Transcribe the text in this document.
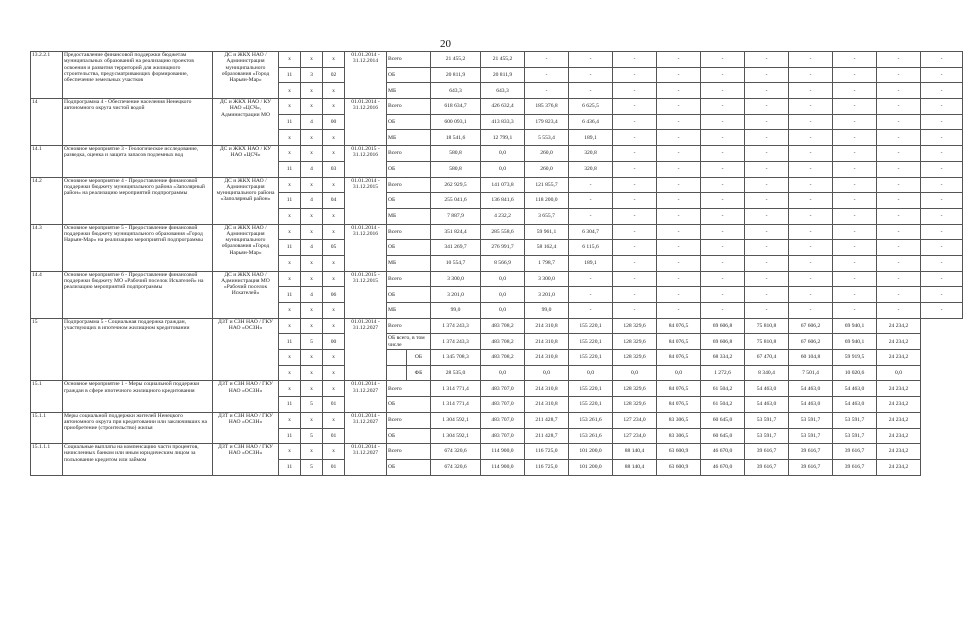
20
13.2.2.1	Предоставление финансовой поддержки бюджетам муниципальных образований на реализацию проектов освоения и развития территорий для жилищного строительства, предусматривающих формирование, обеспечение земельных участков	ДС и ЖКХ НАО / Администрация муниципального образования «Город Нарьян-Мар»	x	x	x	01.01.2014 - 31.12.2014	Всего		21 455,2	21 455,2	-	-	-	-	-	-	-	-	-	-
			11	3	02		ОБ		20 811,9	20 811,9	-	-	-	-	-	-	-	-	-	-
			x	x	x		МБ		643,3	643,3	-	-	-	-	-	-	-	-	-	-
14	Подпрограмма 4 - Обеспечение населения Ненецкого автономного округа чистой водой	ДС и ЖКХ НАО / КУ НАО «ЦСЧ», Администрации МО	x	x	x	01.01.2014 - 31.12.2016	Всего		618 634,7	426 632,4	185 376,8	6 625,5	-	-	-	-	-	-	-	-
			11	4	00		ОБ		600 093,1	413 833,3	179 823,4	6 436,4	-	-	-	-	-	-	-	-
			x	x	x		МБ		18 541,6	12 799,1	5 553,4	189,1	-	-	-	-	-	-	-	-
14.1	Основное мероприятие 3 - Геологическое исследование, разведка, оценка и защита запасов подземных вод	ДС и ЖКХ НАО / КУ НАО «ЦСЧ»	x	x	x	01.01.2015 - 31.12.2016	Всего		580,8	0,0	260,0	320,8	-	-	-	-	-	-	-	-
			11	4	03		ОБ		580,8	0,0	260,0	320,8	-	-	-	-	-	-	-	-
14.2	Основное мероприятие 4 - Предоставление финансовой поддержки бюджету муниципального района «Заполярный район» на реализацию мероприятий подпрограммы	ДС и ЖКХ НАО / Администрация муниципального района «Заполярный район»	x	x	x	01.01.2014 - 31.12.2015	Всего		262 929,5	141 073,8	121 855,7	-	-	-	-	-	-	-	-	-
			11	4	04		ОБ		255 041,6	136 841,6	118 200,0	-	-	-	-	-	-	-	-	-
			x	x	x		МБ		7 887,9	4 232,2	3 655,7	-	-	-	-	-	-	-	-	-
14.3	Основное мероприятие 5 - Предоставление финансовой поддержки бюджету муниципального образования «Город Нарьян-Мар» на реализацию мероприятий подпрограммы	ДС и ЖКХ НАО / Администрация муниципального образования «Город Нарьян-Мар»	x	x	x	01.01.2014 - 31.12.2016	Всего		351 824,4	285 558,6	59 961,1	6 304,7	-	-	-	-	-	-	-	-
			11	4	05		ОБ		341 269,7	276 991,7	58 162,4	6 115,6	-	-	-	-	-	-	-	-
			x	x	x		МБ		10 554,7	8 566,9	1 798,7	189,1	-	-	-	-	-	-	-	-
14.4	Основное мероприятие 6 - Предоставление финансовой поддержки бюджету МО «Рабочий поселок Искателей» на реализацию мероприятий подпрограммы	ДС и ЖКХ НАО / Администрация МО «Рабочий поселок Искателей»	x	x	x	01.01.2015 - 31.12.2015	Всего		3 300,0	0,0	3 300,0	-	-	-	-	-	-	-	-	-
			11	4	06		ОБ		3 201,0	0,0	3 201,0	-	-	-	-	-	-	-	-	-
			x	x	x		МБ		99,0	0,0	99,0	-	-	-	-	-	-	-	-	-
15	Подпрограмма 5 - Социальная поддержка граждан, участвующих в ипотечном жилищном кредитовании	ДЗТ и СЗН НАО / ГКУ НАО «ОСЗН»	x	x	x	01.01.2014 - 31.12.2027	Всего		1 374 243,3	483 708,2	214 310,8	155 220,1	128 329,6	84 076,5	69 606,8	75 810,8	67 606,2	69 940,1	24 234,2	
			11	5	00		ОБ всего, в том числе		1 374 243,3	483 708,2	214 310,8	155 220,1	128 329,6	84 076,5	69 606,8	75 810,8	67 606,2	69 940,1	24 234,2	
			x	x	x			ОБ	1 345 708,3	483 708,2	214 310,8	155 220,1	128 329,6	84 076,5	68 334,2	67 470,4	60 104,8	59 919,5	24 234,2	
			x	x	x			ФБ	28 535,0	0,0	0,0	0,0	0,0	0,0	1 272,6	8 340,4	7 501,4	10 020,6	0,0	
15.1	Основное мероприятие 1 - Меры социальной поддержки граждан в сфере ипотечного жилищного кредитования	ДЗТ и СЗН НАО / ГКУ НАО «ОСЗН»	x	x	x	01.01.2014 - 31.12.2027	Всего		1 314 771,4	483 707,0	214 310,8	155 220,1	128 329,6	84 076,5	61 504,2	54 463,0	54 463,0	54 463,0	24 234,2	
			11	5	01		ОБ		1 314 771,4	483 707,0	214 310,8	155 220,1	128 329,6	84 076,5	61 504,2	54 463,0	54 463,0	54 463,0	24 234,2	
15.1.1	Меры социальной поддержки жителей Ненецкого автономного округа при кредитовании или заключивших на приобретение (строительство) жилья	ДЗТ и СЗН НАО / ГКУ НАО «ОСЗН»	x	x	x	01.01.2014 - 31.12.2027	Всего		1 304 592,1	483 707,0	211 428,7	153 261,6	127 234,0	83 306,5	60 645,0	53 591,7	53 591,7	53 591,7	24 234,2	
			11	5	01		ОБ		1 304 592,1	483 707,0	211 428,7	153 261,6	127 234,0	83 306,5	60 645,0	53 591,7	53 591,7	53 591,7	24 234,2	
15.1.1.1	Социальные выплаты на компенсацию части процентов, начисленных банком или иным юридическим лицом за пользование кредитом или займом	ДЗТ и СЗН НАО / ГКУ НАО «ОСЗН»	x	x	x	01.01.2014 - 31.12.2027	Всего		674 320,6	114 900,0	116 725,0	101 200,0	88 140,4	63 600,9	46 670,0	39 616,7	39 616,7	39 616,7	24 234,2	
			11	5	01		ОБ		674 320,6	114 900,0	116 725,0	101 200,0	88 140,4	63 600,9	46 670,0	39 616,7	39 616,7	39 616,7	24 234,2	
